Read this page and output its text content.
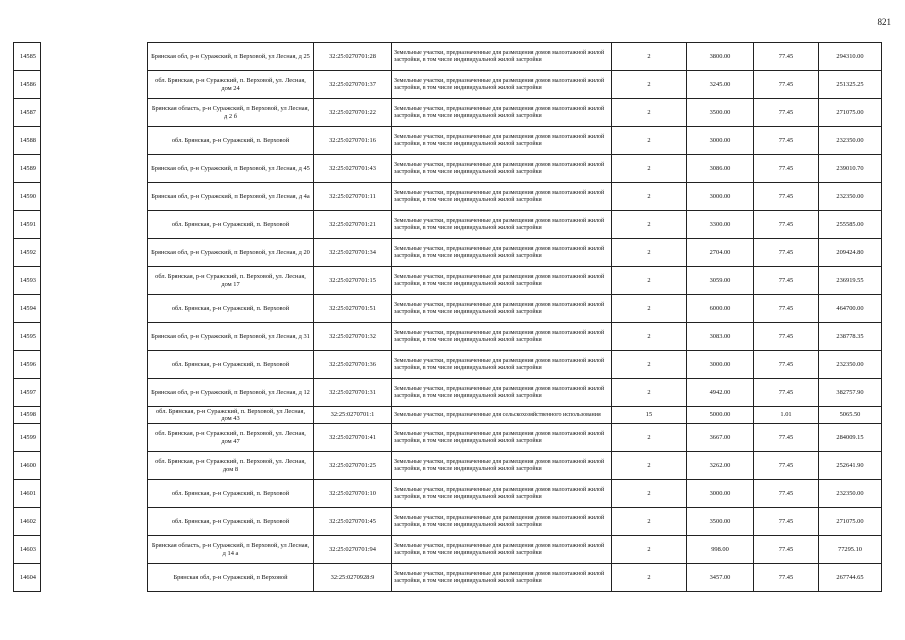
821
14585		Брянская обл, р-н Суражский, п Верховой, ул Лесная, д 25	32:25:0270701:28	Земельные участки, предназначенные для размещения домов малоэтажной жилой застройки, в том числе индивидуальной жилой застройки	2	3800.00	77.45	294310.00
14586		обл. Брянская, р-н Суражский, п. Верховой, ул. Лесная, дом 24	32:25:0270701:37	Земельные участки, предназначенные для размещения домов малоэтажной жилой застройки, в том числе индивидуальной жилой застройки	2	3245.00	77.45	251325.25
14587		Брянская область, р-н Суражский, п Верховой, ул Лесная, д 2 б	32:25:0270701:22	Земельные участки, предназначенные для размещения домов малоэтажной жилой застройки, в том числе индивидуальной жилой застройки	2	3500.00	77.45	271075.00
14588		обл. Брянская, р-н Суражский, п. Верховой	32:25:0270701:16	Земельные участки, предназначенные для размещения домов малоэтажной жилой застройки, в том числе индивидуальной жилой застройки	2	3000.00	77.45	232350.00
14589		Брянская обл, р-н Суражский, п Верховой, ул Лесная, д 45	32:25:0270701:43	Земельные участки, предназначенные для размещения домов малоэтажной жилой застройки, в том числе индивидуальной жилой застройки	2	3086.00	77.45	239010.70
14590		Брянская обл, р-н Суражский, п Верховой, ул Лесная, д 4а	32:25:0270701:11	Земельные участки, предназначенные для размещения домов малоэтажной жилой застройки, в том числе индивидуальной жилой застройки	2	3000.00	77.45	232350.00
14591		обл. Брянская, р-н Суражский, п. Верховой	32:25:0270701:21	Земельные участки, предназначенные для размещения домов малоэтажной жилой застройки, в том числе индивидуальной жилой застройки	2	3300.00	77.45	255585.00
14592		Брянская обл, р-н Суражский, п Верховой, ул Лесная, д 20	32:25:0270701:34	Земельные участки, предназначенные для размещения домов малоэтажной жилой застройки, в том числе индивидуальной жилой застройки	2	2704.00	77.45	209424.80
14593		обл. Брянская, р-н Суражский, п. Верховой, ул. Лесная, дом 17	32:25:0270701:15	Земельные участки, предназначенные для размещения домов малоэтажной жилой застройки, в том числе индивидуальной жилой застройки	2	3059.00	77.45	236919.55
14594		обл. Брянская, р-н Суражский, п. Верховой	32:25:0270701:51	Земельные участки, предназначенные для размещения домов малоэтажной жилой застройки, в том числе индивидуальной жилой застройки	2	6000.00	77.45	464700.00
14595		Брянская обл, р-н Суражский, п Верховой, ул Лесная, д 31	32:25:0270701:32	Земельные участки, предназначенные для размещения домов малоэтажной жилой застройки, в том числе индивидуальной жилой застройки	2	3083.00	77.45	238778.35
14596		обл. Брянская, р-н Суражский, п. Верховой	32:25:0270701:36	Земельные участки, предназначенные для размещения домов малоэтажной жилой застройки, в том числе индивидуальной жилой застройки	2	3000.00	77.45	232350.00
14597		Брянская обл, р-н Суражский, п Верховой, ул Лесная, д 12	32:25:0270701:31	Земельные участки, предназначенные для размещения домов малоэтажной жилой застройки, в том числе индивидуальной жилой застройки	2	4942.00	77.45	382757.90
14598		обл. Брянская, р-н Суражский, п. Верховой, ул Лесная, дом 43	32:25:0270701:1	Земельные участки, предназначенные для сельскохозяйственного использования	15	5000.00	1.01	5065.50
14599		обл. Брянская, р-н Суражский, п. Верховой, ул. Лесная, дом 47	32:25:0270701:41	Земельные участки, предназначенные для размещения домов малоэтажной жилой застройки, в том числе индивидуальной жилой застройки	2	3667.00	77.45	284009.15
14600		обл. Брянская, р-н Суражский, п. Верховой, ул. Лесная, дом 8	32:25:0270701:25	Земельные участки, предназначенные для размещения домов малоэтажной жилой застройки, в том числе индивидуальной жилой застройки	2	3262.00	77.45	252641.90
14601		обл. Брянская, р-н Суражский, п. Верховой	32:25:0270701:10	Земельные участки, предназначенные для размещения домов малоэтажной жилой застройки, в том числе индивидуальной жилой застройки	2	3000.00	77.45	232350.00
14602		обл. Брянская, р-н Суражский, п. Верховой	32:25:0270701:45	Земельные участки, предназначенные для размещения домов малоэтажной жилой застройки, в том числе индивидуальной жилой застройки	2	3500.00	77.45	271075.00
14603		Брянская область, р-н Суражский, п Верховой, ул Лесная, д 14 а	32:25:0270701:94	Земельные участки, предназначенные для размещения домов малоэтажной жилой застройки, в том числе индивидуальной жилой застройки	2	998.00	77.45	77295.10
14604		Брянская обл, р-н Суражский, п Верховой	32:25:0270928:9	Земельные участки, предназначенные для размещения домов малоэтажной жилой застройки, в том числе индивидуальной жилой застройки	2	3457.00	77.45	267744.65
